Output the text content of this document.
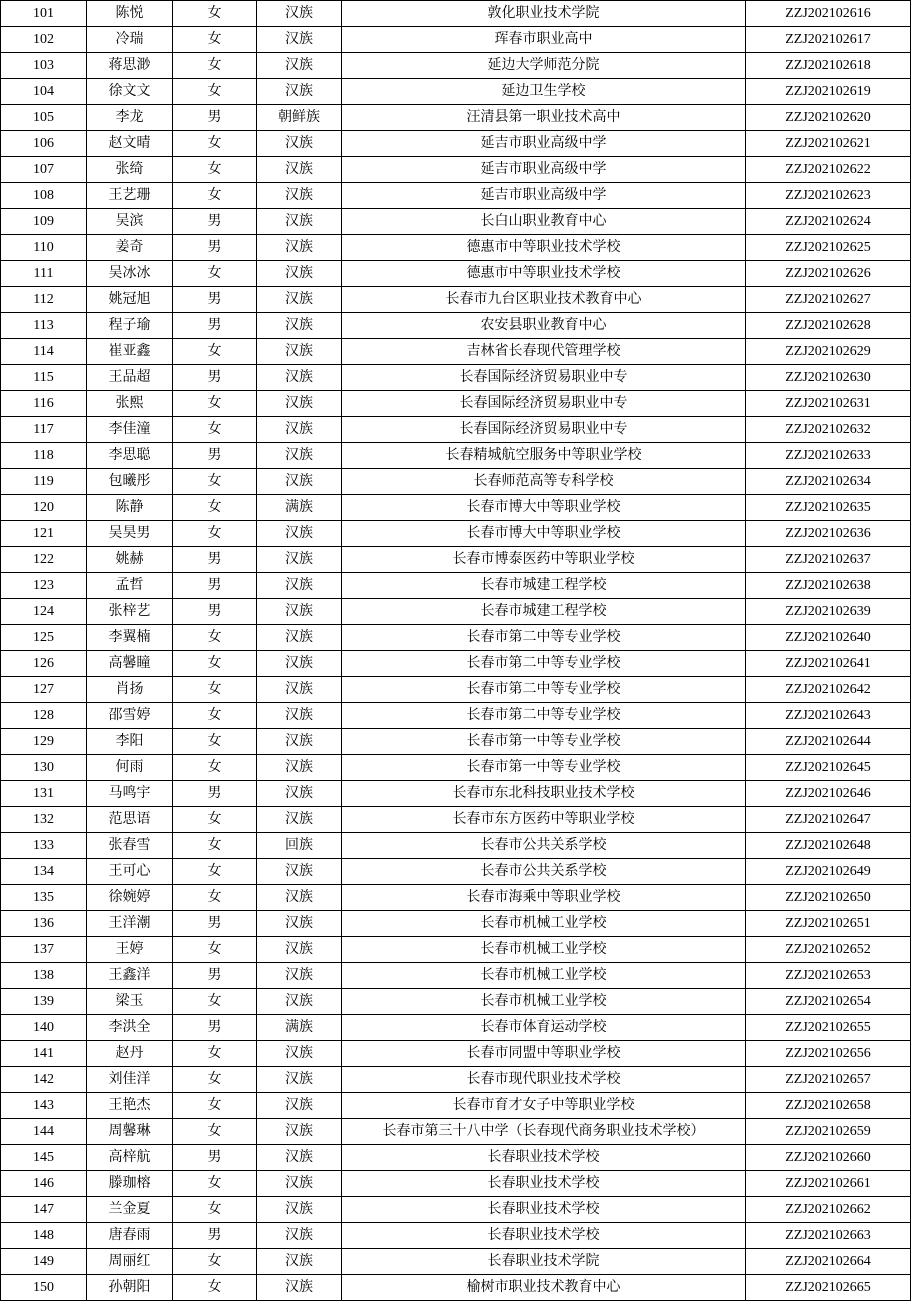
101	陈悦	女	汉族	敦化职业技术学院	ZZJ202102616
102	冷瑞	女	汉族	珲春市职业高中	ZZJ202102617
103	蒋思渺	女	汉族	延边大学师范分院	ZZJ202102618
104	徐文文	女	汉族	延边卫生学校	ZZJ202102619
105	李龙	男	朝鲜族	汪清县第一职业技术高中	ZZJ202102620
106	赵文晴	女	汉族	延吉市职业高级中学	ZZJ202102621
107	张绮	女	汉族	延吉市职业高级中学	ZZJ202102622
108	王艺珊	女	汉族	延吉市职业高级中学	ZZJ202102623
109	吴滨	男	汉族	长白山职业教育中心	ZZJ202102624
110	姜奇	男	汉族	德惠市中等职业技术学校	ZZJ202102625
111	吴冰冰	女	汉族	德惠市中等职业技术学校	ZZJ202102626
112	姚冠旭	男	汉族	长春市九台区职业技术教育中心	ZZJ202102627
113	程子瑜	男	汉族	农安县职业教育中心	ZZJ202102628
114	崔亚鑫	女	汉族	吉林省长春现代管理学校	ZZJ202102629
115	王品超	男	汉族	长春国际经济贸易职业中专	ZZJ202102630
116	张熙	女	汉族	长春国际经济贸易职业中专	ZZJ202102631
117	李佳潼	女	汉族	长春国际经济贸易职业中专	ZZJ202102632
118	李思聪	男	汉族	长春精城航空服务中等职业学校	ZZJ202102633
119	包曦彤	女	汉族	长春师范高等专科学校	ZZJ202102634
120	陈静	女	满族	长春市博大中等职业学校	ZZJ202102635
121	吴昊男	女	汉族	长春市博大中等职业学校	ZZJ202102636
122	姚赫	男	汉族	长春市博泰医药中等职业学校	ZZJ202102637
123	孟哲	男	汉族	长春市城建工程学校	ZZJ202102638
124	张梓艺	男	汉族	长春市城建工程学校	ZZJ202102639
125	李翼楠	女	汉族	长春市第二中等专业学校	ZZJ202102640
126	高馨瞳	女	汉族	长春市第二中等专业学校	ZZJ202102641
127	肖扬	女	汉族	长春市第二中等专业学校	ZZJ202102642
128	邵雪婷	女	汉族	长春市第二中等专业学校	ZZJ202102643
129	李阳	女	汉族	长春市第一中等专业学校	ZZJ202102644
130	何雨	女	汉族	长春市第一中等专业学校	ZZJ202102645
131	马鸣宇	男	汉族	长春市东北科技职业技术学校	ZZJ202102646
132	范思语	女	汉族	长春市东方医药中等职业学校	ZZJ202102647
133	张春雪	女	回族	长春市公共关系学校	ZZJ202102648
134	王可心	女	汉族	长春市公共关系学校	ZZJ202102649
135	徐婉婷	女	汉族	长春市海乘中等职业学校	ZZJ202102650
136	王洋潮	男	汉族	长春市机械工业学校	ZZJ202102651
137	王婷	女	汉族	长春市机械工业学校	ZZJ202102652
138	王鑫洋	男	汉族	长春市机械工业学校	ZZJ202102653
139	梁玉	女	汉族	长春市机械工业学校	ZZJ202102654
140	李洪全	男	满族	长春市体育运动学校	ZZJ202102655
141	赵丹	女	汉族	长春市同盟中等职业学校	ZZJ202102656
142	刘佳洋	女	汉族	长春市现代职业技术学校	ZZJ202102657
143	王艳杰	女	汉族	长春市育才女子中等职业学校	ZZJ202102658
144	周馨琳	女	汉族	长春市第三十八中学（长春现代商务职业技术学校）	ZZJ202102659
145	高梓航	男	汉族	长春职业技术学校	ZZJ202102660
146	滕珈榕	女	汉族	长春职业技术学校	ZZJ202102661
147	兰金夏	女	汉族	长春职业技术学校	ZZJ202102662
148	唐春雨	男	汉族	长春职业技术学校	ZZJ202102663
149	周丽红	女	汉族	长春职业技术学院	ZZJ202102664
150	孙朝阳	女	汉族	榆树市职业技术教育中心	ZZJ202102665
